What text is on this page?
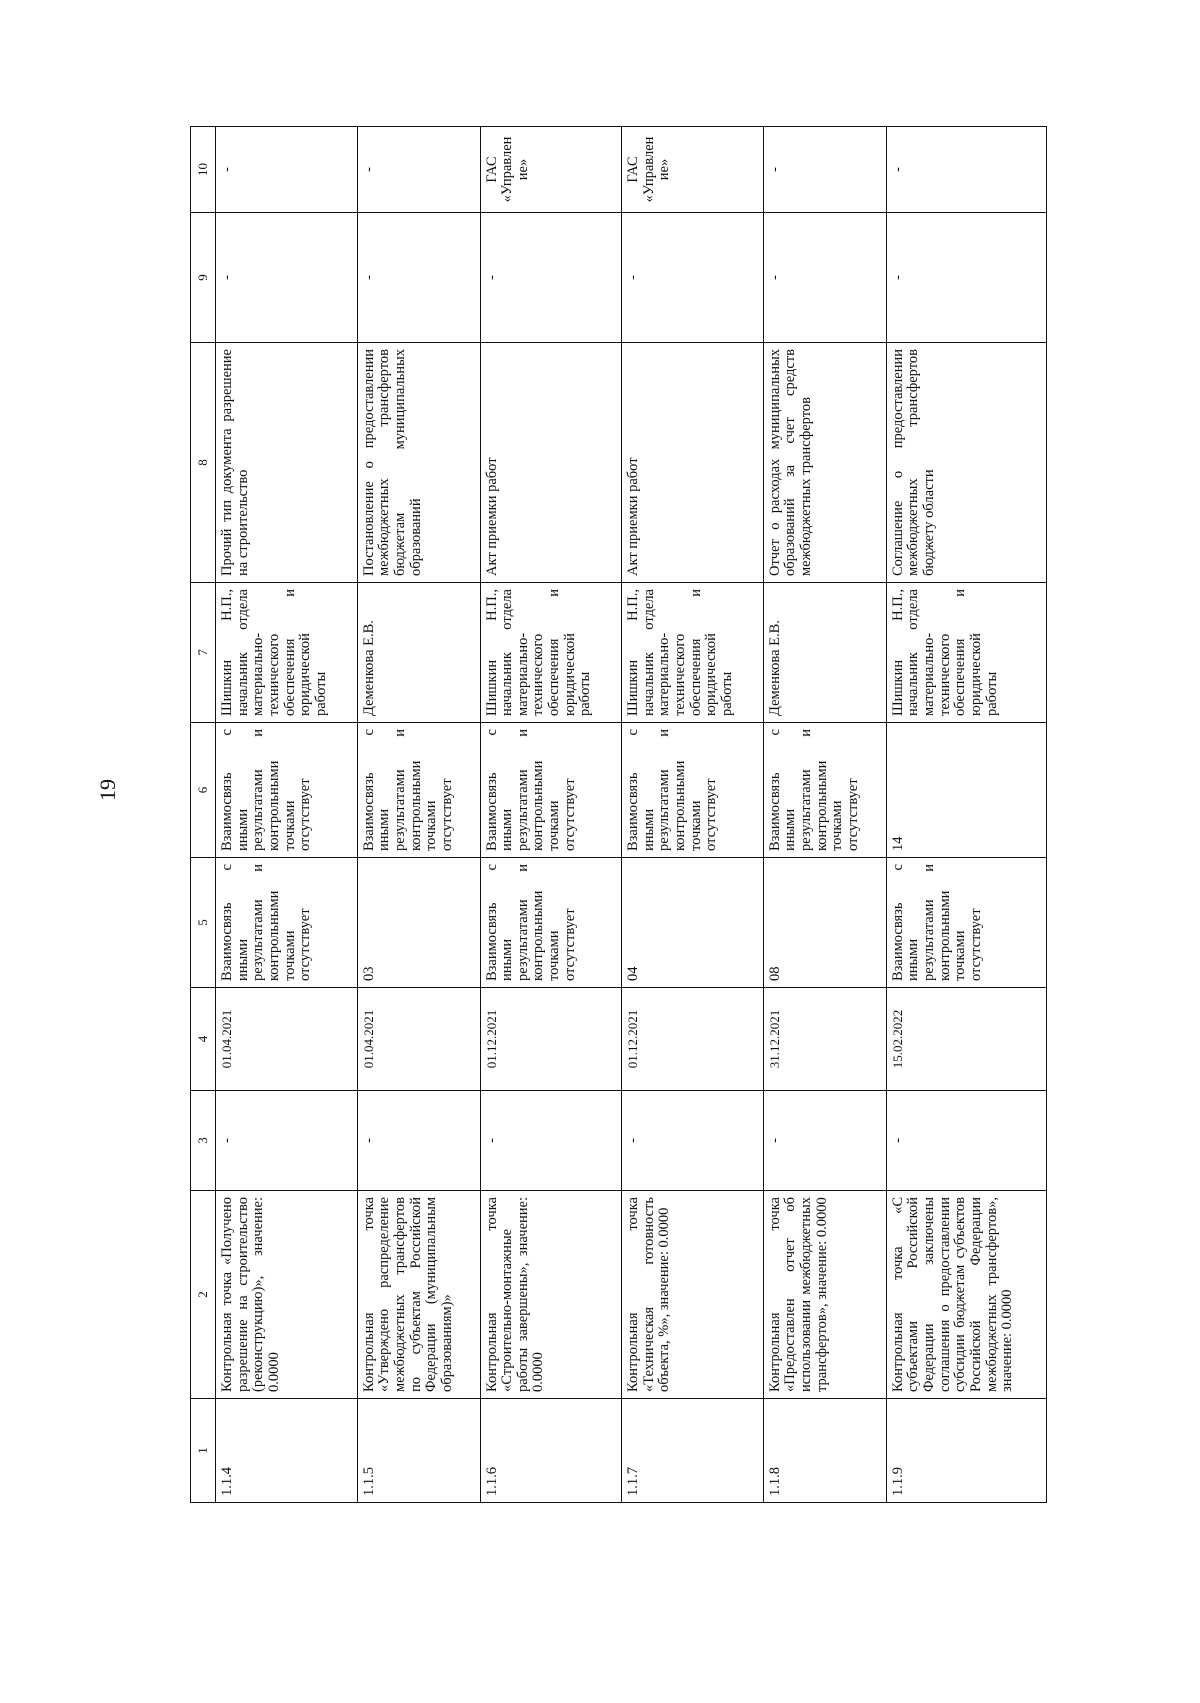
19
1	2	3	4	5	6	7	8	9	10
1.1.4	Контрольная точка «Получено разрешение на строительство (реконструкцию)», значение: 0.0000	-	01.04.2021	Взаимосвязь с иными результатами и контрольными точками отсутствует	Взаимосвязь с иными результатами и контрольными точками отсутствует	Шишкин Н.П., начальник отдела материально-технического обеспечения и юридической работы	Прочий тип документа разрешение на строительство	-	-
1.1.5	Контрольная точка «Утверждено распределение межбюджетных трансфертов по субъектам Российской Федерации (муниципальным образованиям)»	-	01.04.2021	03	Взаимосвязь с иными результатами и контрольными точками отсутствует	Деменкова Е.В.	Постановление о предоставлении межбюджетных трансфертов бюджетам муниципальных образований	-	-
1.1.6	Контрольная точка «Строительно-монтажные работы завершены», значение: 0.0000	-	01.12.2021	Взаимосвязь с иными результатами и контрольными точками отсутствует	Взаимосвязь с иными результатами и контрольными точками отсутствует	Шишкин Н.П., начальник отдела материально-технического обеспечения и юридической работы	Акт приемки работ	-	ГАС «Управление»
1.1.7	Контрольная точка «Техническая готовность объекта, %», значение: 0.0000	-	01.12.2021	04	Взаимосвязь с иными результатами и контрольными точками отсутствует	Шишкин Н.П., начальник отдела материально-технического обеспечения и юридической работы	Акт приемки работ	-	ГАС «Управление»
1.1.8	Контрольная точка «Предоставлен отчет об использовании межбюджетных трансфертов», значение: 0.0000	-	31.12.2021	08	Взаимосвязь с иными результатами и контрольными точками отсутствует	Деменкова Е.В.	Отчет о расходах муниципальных образований за счет средств межбюджетных трансфертов	-	-
1.1.9	Контрольная точка «С субъектами Российской Федерации заключены соглашения о предоставлении субсидии бюджетам субъектов Российской Федерации межбюджетных трансфертов», значение: 0.0000	-	15.02.2022	Взаимосвязь с иными результатами и контрольными точками отсутствует	14	Шишкин Н.П., начальник отдела материально-технического обеспечения и юридической работы	Соглашение о предоставлении межбюджетных трансфертов бюджету области	-	-
